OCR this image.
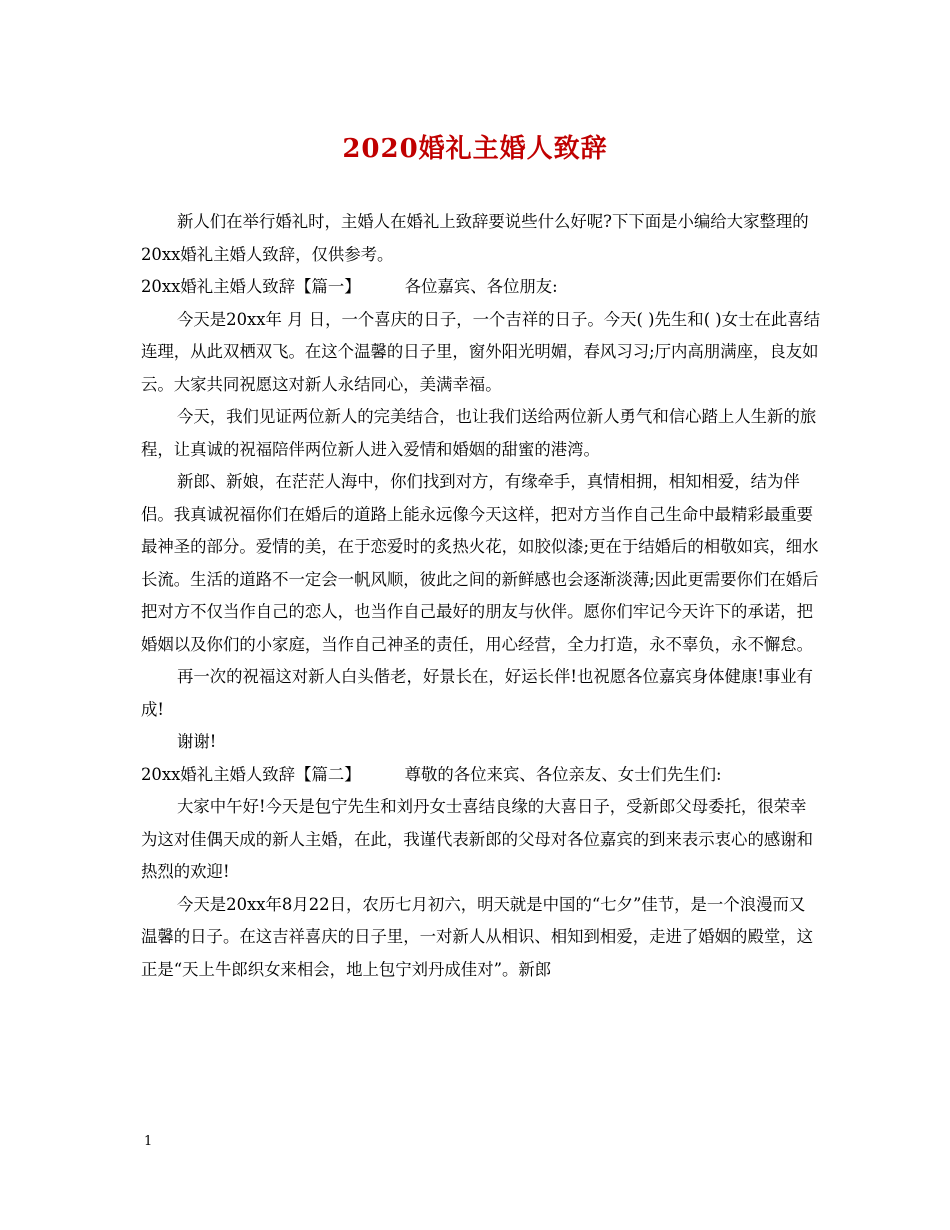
2020婚礼主婚人致辞

新人们在举行婚礼时，主婚人在婚礼上致辞要说些什么好呢?下下面是小编给大家整理的20xx婚礼主婚人致辞，仅供参考。

20xx婚礼主婚人致辞【篇一】	各位嘉宾、各位朋友:

今天是20xx年 月 日，一个喜庆的日子，一个吉祥的日子。今天( )先生和( )女士在此喜结连理，从此双栖双飞。在这个温馨的日子里，窗外阳光明媚，春风习习;厅内高朋满座，良友如云。大家共同祝愿这对新人永结同心，美满幸福。

今天，我们见证两位新人的完美结合，也让我们送给两位新人勇气和信心踏上人生新的旅程，让真诚的祝福陪伴两位新人进入爱情和婚姻的甜蜜的港湾。

新郎、新娘，在茫茫人海中，你们找到对方，有缘牵手，真情相拥，相知相爱，结为伴侣。我真诚祝福你们在婚后的道路上能永远像今天这样，把对方当作自己生命中最精彩最重要最神圣的部分。爱情的美，在于恋爱时的炙热火花，如胶似漆;更在于结婚后的相敬如宾，细水长流。生活的道路不一定会一帆风顺，彼此之间的新鲜感也会逐渐淡薄;因此更需要你们在婚后把对方不仅当作自己的恋人，也当作自己最好的朋友与伙伴。愿你们牢记今天许下的承诺，把婚姻以及你们的小家庭，当作自己神圣的责任，用心经营，全力打造，永不辜负，永不懈怠。

再一次的祝福这对新人白头偕老，好景长在，好运长伴!也祝愿各位嘉宾身体健康!事业有成!

谢谢!

20xx婚礼主婚人致辞【篇二】	尊敬的各位来宾、各位亲友、女士们先生们:

大家中午好!今天是包宁先生和刘丹女士喜结良缘的大喜日子，受新郎父母委托，很荣幸为这对佳偶天成的新人主婚，在此，我谨代表新郎的父母对各位嘉宾的到来表示衷心的感谢和热烈的欢迎!

今天是20xx年8月22日，农历七月初六，明天就是中国的“七夕”佳节，是一个浪漫而又温馨的日子。在这吉祥喜庆的日子里，一对新人从相识、相知到相爱，走进了婚姻的殿堂，这正是“天上牛郎织女来相会，地上包宁刘丹成佳对”。新郎

1
